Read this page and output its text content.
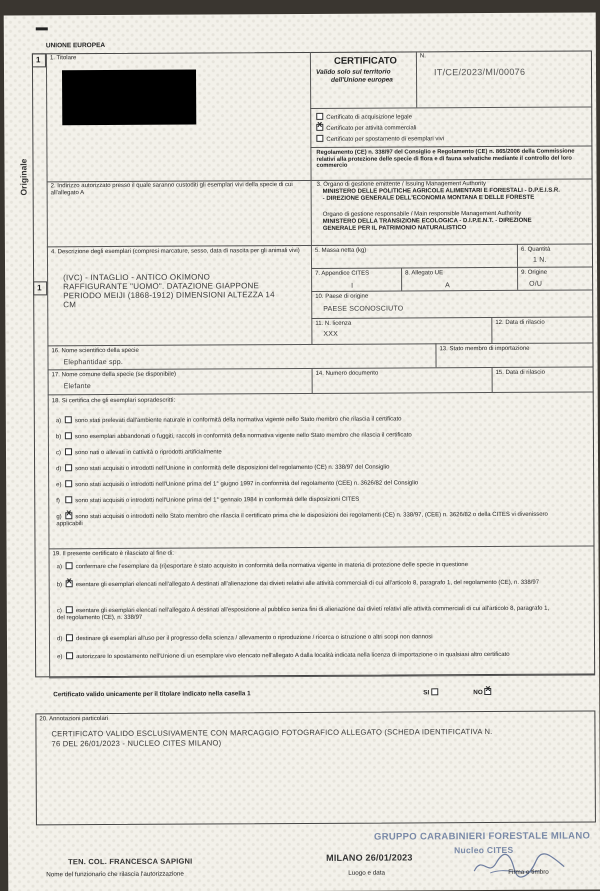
UNIONE EUROPEA
1
Originale
1
1. Titolare	CERTIFICATO
Valido solo sul territorio
dell'Unione europea
N.
IT/CE/2023/MI/00076
Certificato di acquisizione legale
xCertificato per attività commerciali
Certificato per spostamento di esemplari vivi
Regolamento (CE) n. 338/97 del Consiglio e Regolamento (CE) n. 865/2006 della Commissione relativi alla protezione delle specie di flora e di fauna selvatiche mediante il controllo del loro commercio
2. Indirizzo autorizzato presso il quale saranno custoditi gli esemplari vivi della specie di cui all'allegato A
3. Organo di gestione emittente / Issuing Management Authority
MINISTERO DELLE POLITICHE AGRICOLE ALIMENTARI E FORESTALI - D.P.E.I.S.R.
- DIREZIONE GENERALE DELL'ECONOMIA MONTANA E DELLE FORESTE
Organo di gestione responsabile / Main responsible Management Authority
MINISTERO DELLA TRANSIZIONE ECOLOGICA - D.I.P.E.N.T. - DIREZIONE
GENERALE PER IL PATRIMONIO NATURALISTICO
4. Descrizione degli esemplari (compresi marcature, sesso, data di nascita per gli animali vivi)
(IVC) - INTAGLIO - ANTICO OKIMONO
RAFFIGURANTE "UOMO". DATAZIONE GIAPPONE
PERIODO MEIJI (1868-1912) DIMENSIONI ALTEZZA 14
CM
5. Massa netta (kg)	6. Quantità
1 N.
7. Appendice CITES
I
8. Allegato UE
A
9. Origine
O/U
10. Paese di origine
PAESE SCONOSCIUTO
11. N. licenza
XXX
12. Data di rilascio
16. Nome scientifico della specie
Elephantidae spp.
13. Stato membro di importazione
17. Nome comune della specie (se disponibile)
Elefante
14. Numero documento	15. Data di rilascio
18. Si certifica che gli esemplari sopradescritti:
a) sono stati prelevati dall'ambiente naturale in conformità della normativa vigente nello Stato membro che rilascia il certificato
b) sono esemplari abbandonati o fuggiti, raccolti in conformità della normativa vigente nello Stato membro che rilascia il certificato
c) sono nati o allevati in cattività o riprodotti artificialmente
d) sono stati acquisiti o introdotti nell'Unione in conformità delle disposizioni del regolamento (CE) n. 338/97 del Consiglio
e) sono stati acquisiti o introdotti nell'Unione prima del 1° giugno 1997 in conformità del regolamento (CEE) n. 3626/82 del Consiglio
f)	sono stati acquisiti o introdotti nell'Unione prima del 1° gennaio 1984 in conformità delle disposizioni CITES
g) x sono stati acquisiti o introdotti nello Stato membro che rilascia il certificato prima che le disposizioni dei regolamenti (CE) n. 338/97, (CEE) n. 3626/82 o della CITES vi divenissero applicabili
19. Il presente certificato è rilasciato al fine di:
a) confermare che l'esemplare da (ri)esportare è stato acquisito in conformità della normativa vigente in materia di protezione delle specie in questione
b) x esentare gli esemplari elencati nell'allegato A destinati all'alienazione dai divieti relativi alle attività commerciali di cui all'articolo 8, paragrafo 1, del regolamento (CE), n. 338/97
c) esentare gli esemplari elencati nell'allegato A destinati all'esposizione al pubblico senza fini di alienazione dai divieti relativi alle attività commerciali di cui all'articolo 8, paragrafo 1, del regolamento (CE), n. 338/97
d) destinare gli esemplari all'uso per il progresso della scienza / allevamento o riproduzione / ricerca o istruzione o altri scopi non dannosi
e) autorizzare lo spostamento nell'Unione di un esemplare vivo elencato nell'allegato A dalla località indicata nella licenza di importazione o in qualsiasi altro certificato
Certificato valido unicamente per il titolare indicato nella casella 1	SI	NO x
20. Annotazioni particolari
CERTIFICATO VALIDO ESCLUSIVAMENTE CON MARCAGGIO FOTOGRAFICO ALLEGATO (SCHEDA IDENTIFICATIVA N.
76 DEL 26/01/2023 - NUCLEO CITES MILANO)
GRUPPO CARABINIERI FORESTALE MILANO
Nucleo CITES
TEN. COL. FRANCESCA SAPIGNI
Nome del funzionario che rilascia l'autorizzazione
MILANO 26/01/2023
Luogo e data	Firma e timbro
